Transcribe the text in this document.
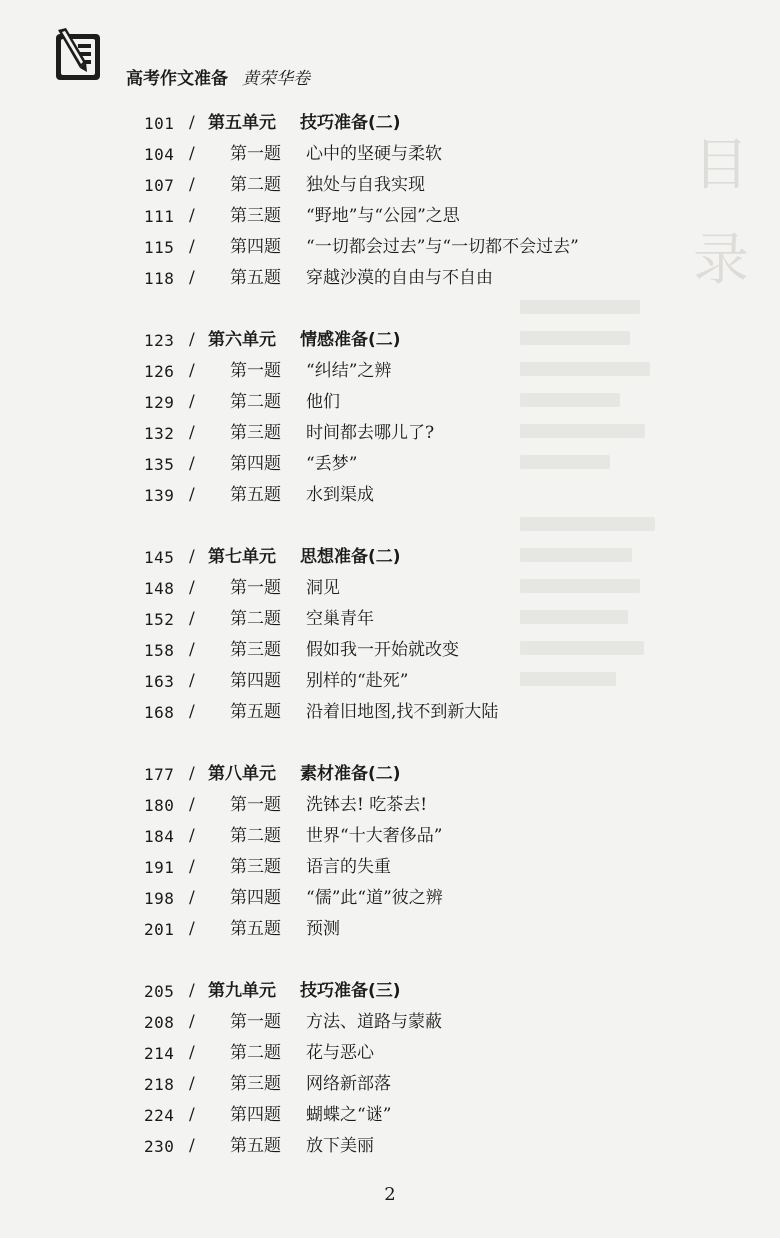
高考作文准备 黄荣华卷
目
录
101 / 第五单元 技巧准备(二)
104 / 第一题 心中的坚硬与柔软
107 / 第二题 独处与自我实现
111 / 第三题 “野地”与“公园”之思
115 / 第四题 “一切都会过去”与“一切都不会过去”
118 / 第五题 穿越沙漠的自由与不自由
123 / 第六单元 情感准备(二)
126 / 第一题 “纠结”之辨
129 / 第二题 他们
132 / 第三题 时间都去哪儿了?
135 / 第四题 “丢梦”
139 / 第五题 水到渠成
145 / 第七单元 思想准备(二)
148 / 第一题 洞见
152 / 第二题 空巢青年
158 / 第三题 假如我一开始就改变
163 / 第四题 别样的“赴死”
168 / 第五题 沿着旧地图,找不到新大陆
177 / 第八单元 素材准备(二)
180 / 第一题 洗钵去! 吃茶去!
184 / 第二题 世界“十大奢侈品”
191 / 第三题 语言的失重
198 / 第四题 “儒”此“道”彼之辨
201 / 第五题 预测
205 / 第九单元 技巧准备(三)
208 / 第一题 方法、道路与蒙蔽
214 / 第二题 花与恶心
218 / 第三题 网络新部落
224 / 第四题 蝴蝶之“谜”
230 / 第五题 放下美丽
2
